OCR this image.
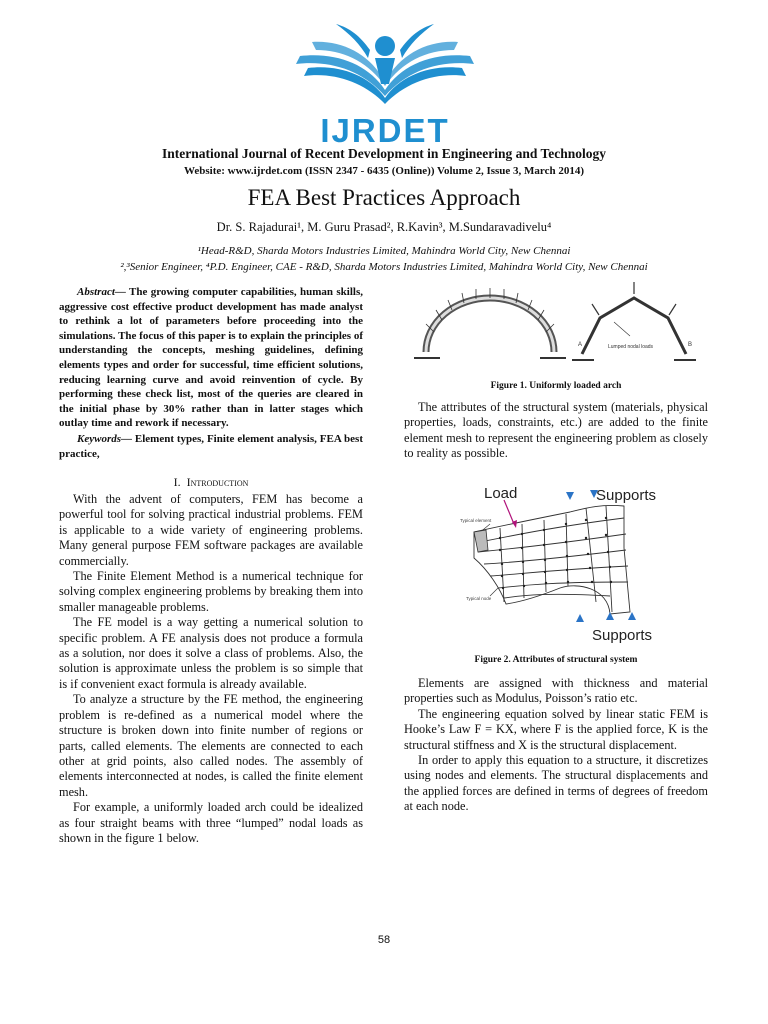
IJRDET
International Journal of Recent Development in Engineering and Technology
Website: www.ijrdet.com (ISSN 2347 - 6435 (Online)) Volume 2, Issue 3, March 2014)
FEA Best Practices Approach
Dr. S. Rajadurai¹, M. Guru Prasad², R.Kavin³, M.Sundaravadivelu⁴
¹Head-R&D, Sharda Motors Industries Limited, Mahindra World City, New Chennai
²,³Senior Engineer, ⁴P.D. Engineer, CAE - R&D, Sharda Motors Industries Limited, Mahindra World City, New Chennai
Abstract— The growing computer capabilities, human skills, aggressive cost effective product development has made analyst to rethink a lot of parameters before proceeding into the simulations. The focus of this paper is to explain the principles of understanding the concepts, meshing guidelines, defining elements types and order for successful, time efficient solutions, reducing learning curve and avoid reinvention of cycle. By performing these check list, most of the queries are cleared in the initial phase by 30% rather than in latter stages which outlay time and rework if necessary.
Keywords— Element types, Finite element analysis, FEA best practice,
I. Introduction

With the advent of computers, FEM has become a powerful tool for solving practical industrial problems. FEM is applicable to a wide variety of engineering problems. Many general purpose FEM software packages are available commercially.

The Finite Element Method is a numerical technique for solving complex engineering problems by breaking them into smaller manageable problems.

The FE model is a way getting a numerical solution to specific problem. A FE analysis does not produce a formula as a solution, nor does it solve a class of problems. Also, the solution is approximate unless the problem is so simple that is if convenient exact formula is already available.

To analyze a structure by the FE method, the engineering problem is re-defined as a numerical model where the structure is broken down into finite number of regions or parts, called elements. The elements are connected to each other at grid points, also called nodes. The assembly of elements interconnected at nodes, is called the finite element mesh.

For example, a uniformly loaded arch could be idealized as four straight beams with three “lumped” nodal loads as shown in the figure 1 below.

A	B
Lumped nodal loads
Figure 1. Uniformly loaded arch

The attributes of the structural system (materials, physical properties, loads, constraints, etc.) are added to the finite element mesh to represent the engineering problem as closely to reality as possible.

Load	Supports
Supports
Typical element
Typical node
Figure 2. Attributes of structural system

Elements are assigned with thickness and material properties such as Modulus, Poisson’s ratio etc.

The engineering equation solved by linear static FEM is Hooke’s Law F = KX, where F is the applied force, K is the structural stiffness and X is the structural displacement.

In order to apply this equation to a structure, it discretizes using nodes and elements. The structural displacements and the applied forces are defined in terms of degrees of freedom at each node.

58
